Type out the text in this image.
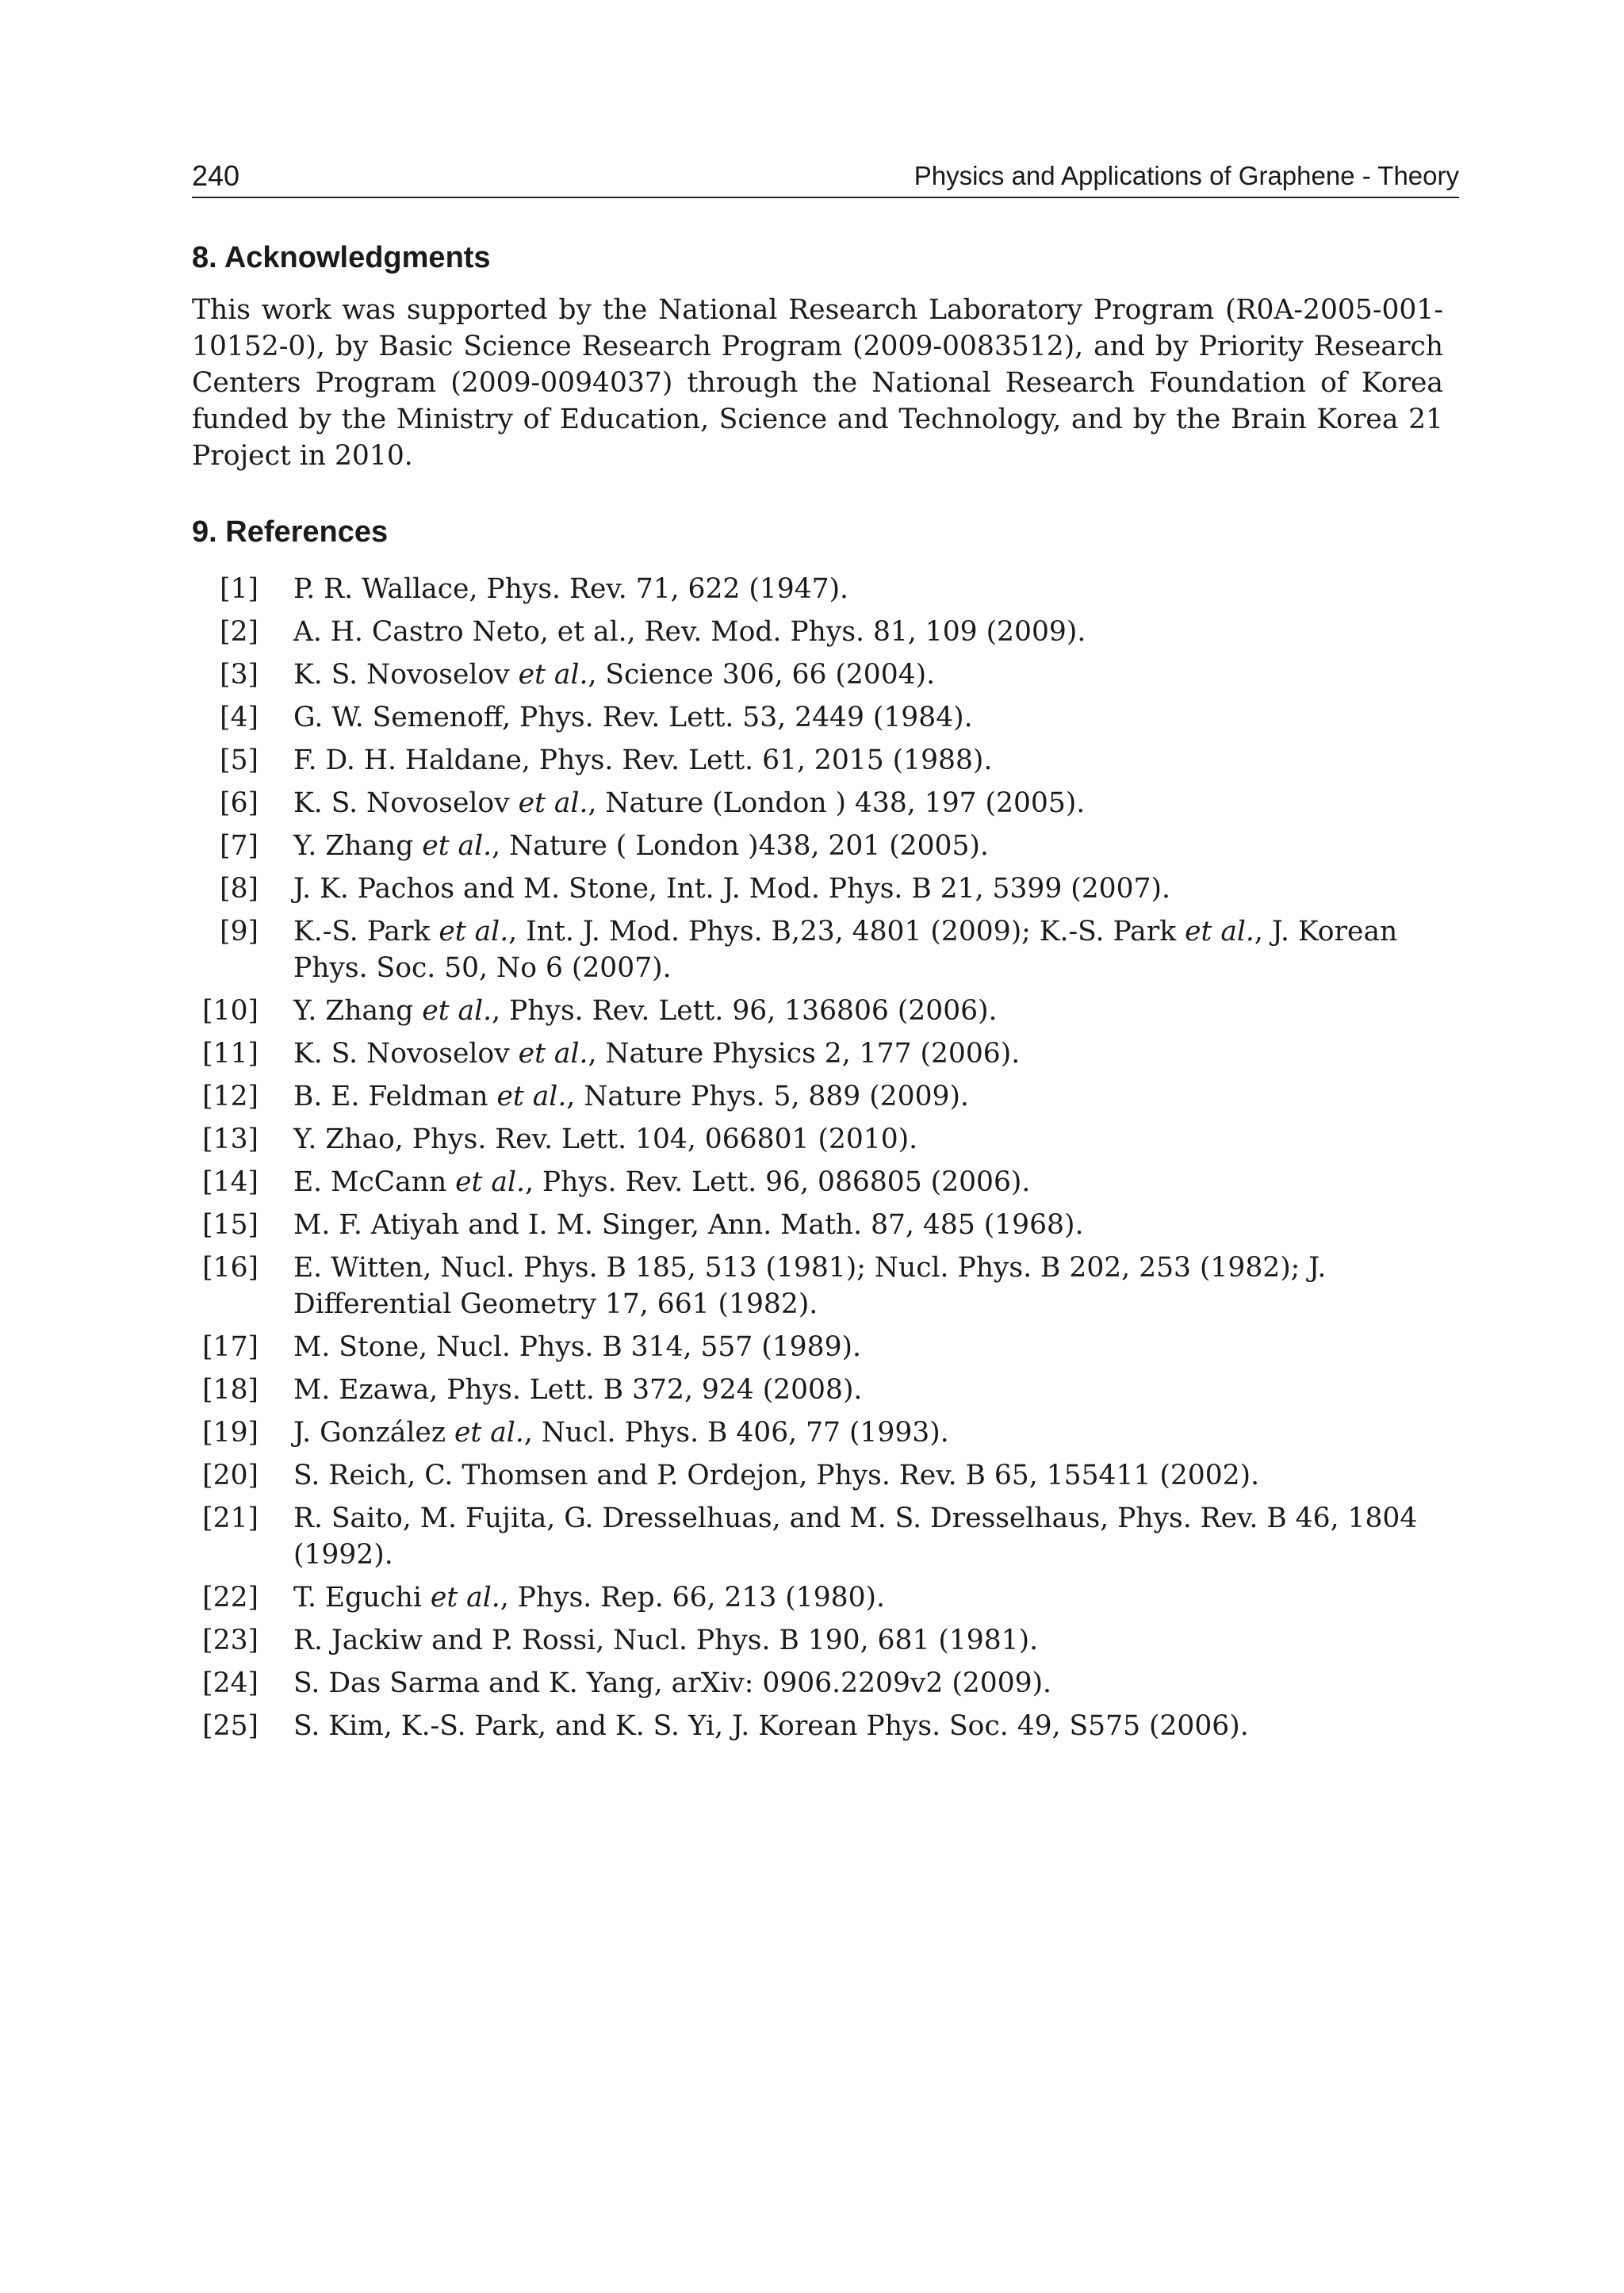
240	Physics and Applications of Graphene - Theory
8. Acknowledgments

This work was supported by the National Research Laboratory Program (R0A-2005-001-10152-0), by Basic Science Research Program (2009-0083512), and by Priority Research Centers Program (2009-0094037) through the National Research Foundation of Korea funded by the Ministry of Education, Science and Technology, and by the Brain Korea 21 Project in 2010.

9. References
[1] P. R. Wallace, Phys. Rev. 71, 622 (1947).
[2] A. H. Castro Neto, et al., Rev. Mod. Phys. 81, 109 (2009).
[3] K. S. Novoselov et al., Science 306, 66 (2004).
[4] G. W. Semenoff, Phys. Rev. Lett. 53, 2449 (1984).
[5] F. D. H. Haldane, Phys. Rev. Lett. 61, 2015 (1988).
[6] K. S. Novoselov et al., Nature (London ) 438, 197 (2005).
[7] Y. Zhang et al., Nature ( London )438, 201 (2005).
[8] J. K. Pachos and M. Stone, Int. J. Mod. Phys. B 21, 5399 (2007).
[9] K.-S. Park et al., Int. J. Mod. Phys. B,23, 4801 (2009); K.-S. Park et al., J. Korean Phys. Soc. 50, No 6 (2007).
[10] Y. Zhang et al., Phys. Rev. Lett. 96, 136806 (2006).
[11] K. S. Novoselov et al., Nature Physics 2, 177 (2006).
[12] B. E. Feldman et al., Nature Phys. 5, 889 (2009).
[13] Y. Zhao, Phys. Rev. Lett. 104, 066801 (2010).
[14] E. McCann et al., Phys. Rev. Lett. 96, 086805 (2006).
[15] M. F. Atiyah and I. M. Singer, Ann. Math. 87, 485 (1968).
[16] E. Witten, Nucl. Phys. B 185, 513 (1981); Nucl. Phys. B 202, 253 (1982); J. Differential Geometry 17, 661 (1982).
[17] M. Stone, Nucl. Phys. B 314, 557 (1989).
[18] M. Ezawa, Phys. Lett. B 372, 924 (2008).
[19] J. González et al., Nucl. Phys. B 406, 77 (1993).
[20] S. Reich, C. Thomsen and P. Ordejon, Phys. Rev. B 65, 155411 (2002).
[21] R. Saito, M. Fujita, G. Dresselhuas, and M. S. Dresselhaus, Phys. Rev. B 46, 1804 (1992).
[22] T. Eguchi et al., Phys. Rep. 66, 213 (1980).
[23] R. Jackiw and P. Rossi, Nucl. Phys. B 190, 681 (1981).
[24] S. Das Sarma and K. Yang, arXiv: 0906.2209v2 (2009).
[25] S. Kim, K.-S. Park, and K. S. Yi, J. Korean Phys. Soc. 49, S575 (2006).
